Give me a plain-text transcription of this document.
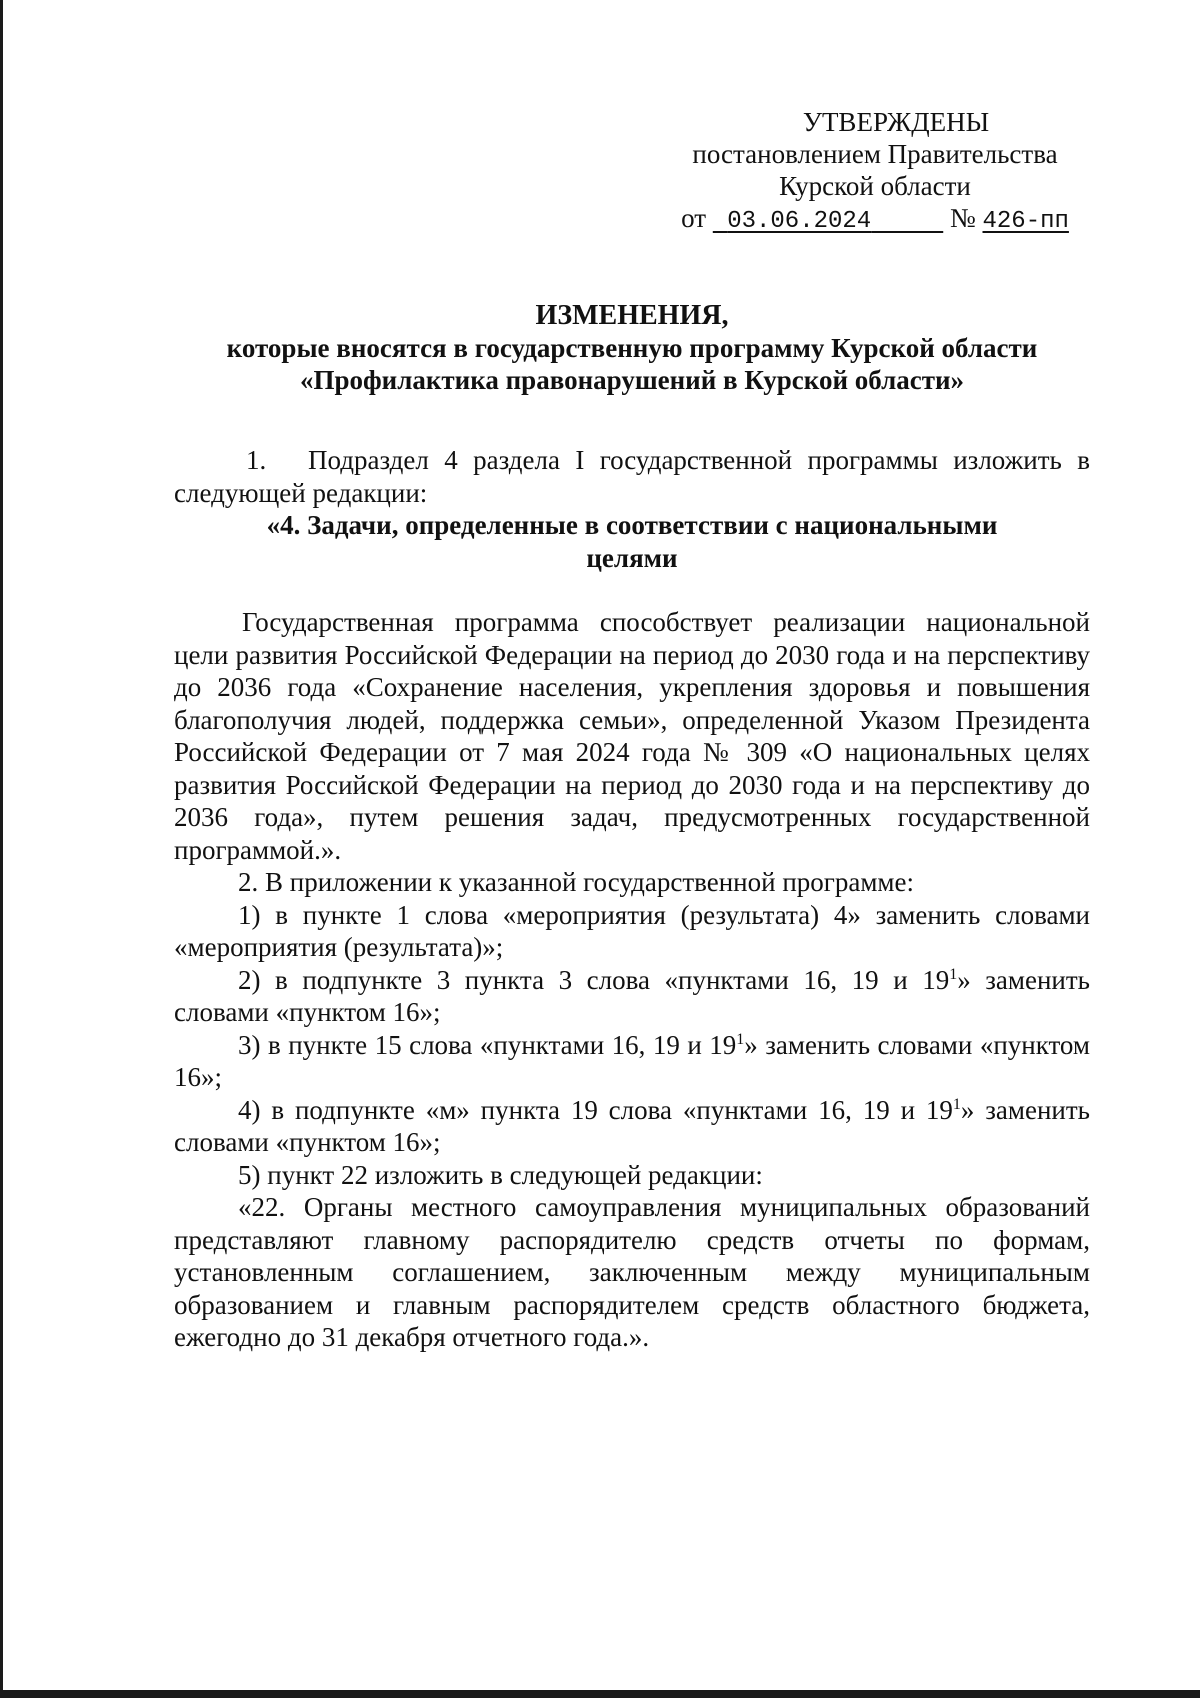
УТВЕРЖДЕНЫ
постановлением Правительства
Курской области
от 03.06.2024	№ 426-пп
ИЗМЕНЕНИЯ,
которые вносятся в государственную программу Курской области
«Профилактика правонарушений в Курской области»

1. Подраздел 4 раздела I государственной программы изложить в следующей редакции:

«4. Задачи, определенные в соответствии с национальными целями

Государственная программа способствует реализации национальной цели развития Российской Федерации на период до 2030 года и на перспективу до 2036 года «Сохранение населения, укрепления здоровья и повышения благополучия людей, поддержка семьи», определенной Указом Президента Российской Федерации от 7 мая 2024 года № 309 «О национальных целях развития Российской Федерации на период до 2030 года и на перспективу до 2036 года», путем решения задач, предусмотренных государственной программой.».

2. В приложении к указанной государственной программе:

1) в пункте 1 слова «мероприятия (результата) 4» заменить словами «мероприятия (результата)»;

2) в подпункте 3 пункта 3 слова «пунктами 16, 19 и $19^1$» заменить словами «пунктом 16»;

3) в пункте 15 слова «пунктами 16, 19 и $19^1$» заменить словами «пунктом 16»;

4) в подпункте «м» пункта 19 слова «пунктами 16, 19 и $19^1$» заменить словами «пунктом 16»;

5) пункт 22 изложить в следующей редакции:

«22. Органы местного самоуправления муниципальных образований представляют главному распорядителю средств отчеты по формам, установленным соглашением, заключенным между муниципальным образованием и главным распорядителем средств областного бюджета, ежегодно до 31 декабря отчетного года.».
